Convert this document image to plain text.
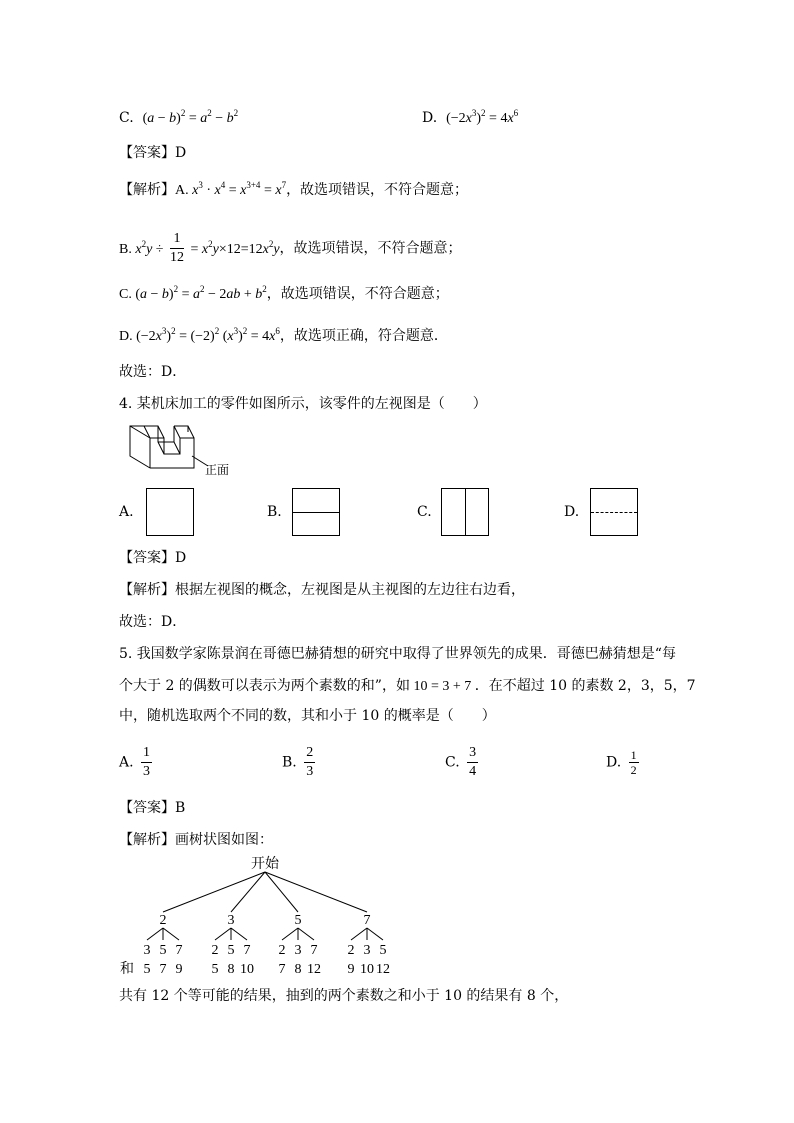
C. $(a - b)^2 = a^2 - b^2$	D. $(-2x^3)^2 = 4x^6$
【答案】D
【解析】A. $x^3 \cdot x^4 = x^{3+4} = x^7$，故选项错误，不符合题意；
B. $x^2y \div \frac{1}{12} = x^2y\times 12=12x^2y$，故选项错误，不符合题意；
C. $(a - b)^2 = a^2 - 2ab + b^2$，故选项错误，不符合题意；
D. $(-2x^3)^2 = (-2)^2$ $(x^3)^2 = 4x^6$，故选项正确，符合题意．
故选：D．
4. 某机床加工的零件如图所示，该零件的左视图是（　　）
正面
A.	B.	C.	D.
【答案】D
【解析】根据左视图的概念，左视图是从主视图的左边往右边看，
故选：D．
5. 我国数学家陈景润在哥德巴赫猜想的研究中取得了世界领先的成果．哥德巴赫猜想是“每
个大于 2 的偶数可以表示为两个素数的和”，如 10 = 3 + 7 ．在不超过 10 的素数 2，3，5，7
中，随机选取两个不同的数，其和小于 10 的概率是（　　）
A. $\frac{1}{3}$	B. $\frac{2}{3}$	C. $\frac{3}{4}$	D. $\frac{1}{2}$
【答案】B
【解析】画树状图如图：
开始
2
3
5
5
7
7
9
3
2
5
5
8
7
10
5
2
7
3
8
7
12
7
2
9
3
10
5
12
和
共有 12 个等可能的结果，抽到的两个素数之和小于 10 的结果有 8 个，
